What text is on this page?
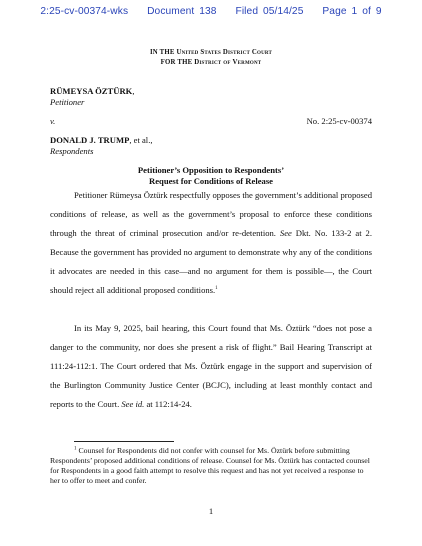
2:25-cv-00374-wks Document 138 Filed 05/14/25 Page 1 of 9
IN THE United States District Court
FOR THE District of Vermont
RÜMEYSA ÖZTÜRK,
Petitioner
v.	No. 2:25-cv-00374
DONALD J. TRUMP, et al.,
Respondents
Petitioner’s Opposition to Respondents’
Request for Conditions of Release

Petitioner Rümeysa Öztürk respectfully opposes the government’s additional proposed conditions of release, as well as the government’s proposal to enforce these conditions through the threat of criminal prosecution and/or re-detention. See Dkt. No. 133-2 at 2. Because the government has provided no argument to demonstrate why any of the conditions it advocates are needed in this case—and no argument for them is possible—, the Court should reject all additional proposed conditions.$^1$

In its May 9, 2025, bail hearing, this Court found that Ms. Öztürk “does not pose a danger to the community, nor does she present a risk of flight.” Bail Hearing Transcript at 111:24-112:1. The Court ordered that Ms. Öztürk engage in the support and supervision of the Burlington Community Justice Center (BCJC), including at least monthly contact and reports to the Court. See id. at 112:14-24.

$^1$ Counsel for Respondents did not confer with counsel for Ms. Öztürk before submitting Respondents’ proposed additional conditions of release. Counsel for Ms. Öztürk has contacted counsel for Respondents in a good faith attempt to resolve this request and has not yet received a response to her to offer to meet and confer.
1
